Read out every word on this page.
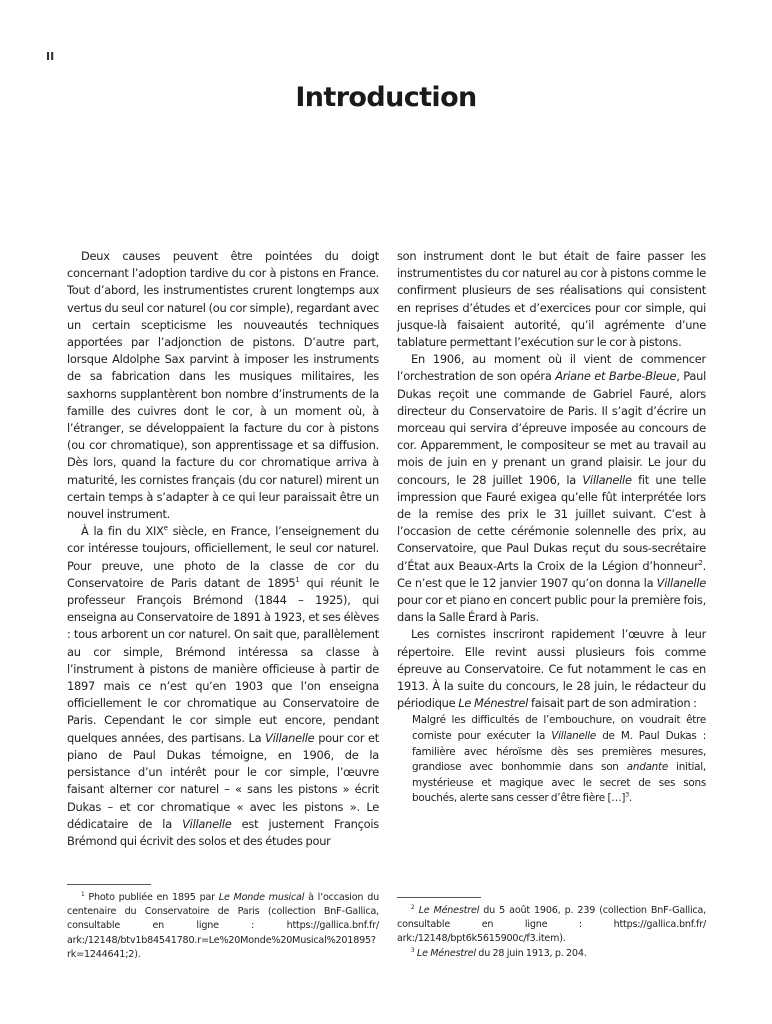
II
Introduction

Deux causes peuvent être pointées du doigt concernant l’adoption tardive du cor à pistons en France. Tout d’abord, les instrumentistes crurent longtemps aux vertus du seul cor naturel (ou cor simple), regardant avec un certain scepticisme les nouveautés techniques apportées par l’adjonction de pistons. D’autre part, lorsque Aldolphe Sax parvint à imposer les instruments de sa fabrication dans les musiques militaires, les saxhorns supplantèrent bon nombre d’instruments de la famille des cuivres dont le cor, à un moment où, à l’étranger, se développaient la facture du cor à pistons (ou cor chromatique), son apprentissage et sa diffusion. Dès lors, quand la facture du cor chromatique arriva à maturité, les cornistes français (du cor naturel) mirent un certain temps à s’adapter à ce qui leur paraissait être un nouvel instrument.

À la fin du XIXe siècle, en France, l’enseignement du cor intéresse toujours, officiellement, le seul cor naturel. Pour preuve, une photo de la classe de cor du Conservatoire de Paris datant de 1895$^1$ qui réunit le professeur François Brémond (1844 – 1925), qui enseigna au Conservatoire de 1891 à 1923, et ses élèves : tous arborent un cor naturel. On sait que, parallèlement au cor simple, Brémond intéressa sa classe à l’instrument à pistons de manière officieuse à partir de 1897 mais ce n’est qu’en 1903 que l’on enseigna officiellement le cor chromatique au Conservatoire de Paris. Cependant le cor simple eut encore, pendant quelques années, des partisans. La Villanelle pour cor et piano de Paul Dukas témoigne, en 1906, de la persistance d’un intérêt pour le cor simple, l’œuvre faisant alterner cor naturel – « sans les pistons » écrit Dukas – et cor chromatique « avec les pistons ». Le dédicataire de la Villanelle est justement François Brémond qui écrivit des solos et des études pour

son instrument dont le but était de faire passer les instrumentistes du cor naturel au cor à pistons comme le confirment plusieurs de ses réalisations qui consistent en reprises d’études et d’exercices pour cor simple, qui jusque-là faisaient autorité, qu’il agrémente d’une tablature permettant l’exécution sur le cor à pistons.

En 1906, au moment où il vient de commencer l’orchestration de son opéra Ariane et Barbe-Bleue, Paul Dukas reçoit une commande de Gabriel Fauré, alors directeur du Conservatoire de Paris. Il s’agit d’écrire un morceau qui servira d’épreuve imposée au concours de cor. Apparemment, le compositeur se met au travail au mois de juin en y prenant un grand plaisir. Le jour du concours, le 28 juillet 1906, la Villanelle fit une telle impression que Fauré exigea qu’elle fût interprétée lors de la remise des prix le 31 juillet suivant. C’est à l’occasion de cette cérémonie solennelle des prix, au Conservatoire, que Paul Dukas reçut du sous-secrétaire d’État aux Beaux-Arts la Croix de la Légion d’honneur$^2$. Ce n’est que le 12 janvier 1907 qu’on donna la Villanelle pour cor et piano en concert public pour la première fois, dans la Salle Érard à Paris.

Les cornistes inscriront rapidement l’œuvre à leur répertoire. Elle revint aussi plusieurs fois comme épreuve au Conservatoire. Ce fut notamment le cas en 1913. À la suite du concours, le 28 juin, le rédacteur du périodique Le Ménestrel faisait part de son admiration :

Malgré les difficultés de l’embouchure, on voudrait être corniste pour exécuter la Villanelle de M. Paul Dukas : familière avec héroïsme dès ses premières mesures, grandiose avec bonhommie dans son andante initial, mystérieuse et magique avec le secret de ses sons bouchés, alerte sans cesser d’être fière […]$^3$.

$^1$ Photo publiée en 1895 par Le Monde musical à l’occasion du centenaire du Conservatoire de Paris (collection BnF-Gallica, consultable en ligne : https://gallica.bnf.fr/ ark:/12148/btv1b84541780.r=Le%20Monde%20Musical%201895?rk=1244641;2).

$^2$ Le Ménestrel du 5 août 1906, p. 239 (collection BnF-Gallica, consultable en ligne : https://gallica.bnf.fr/ ark:/12148/bpt6k5615900c/f3.item).

$^3$ Le Ménestrel du 28 juin 1913, p. 204.
